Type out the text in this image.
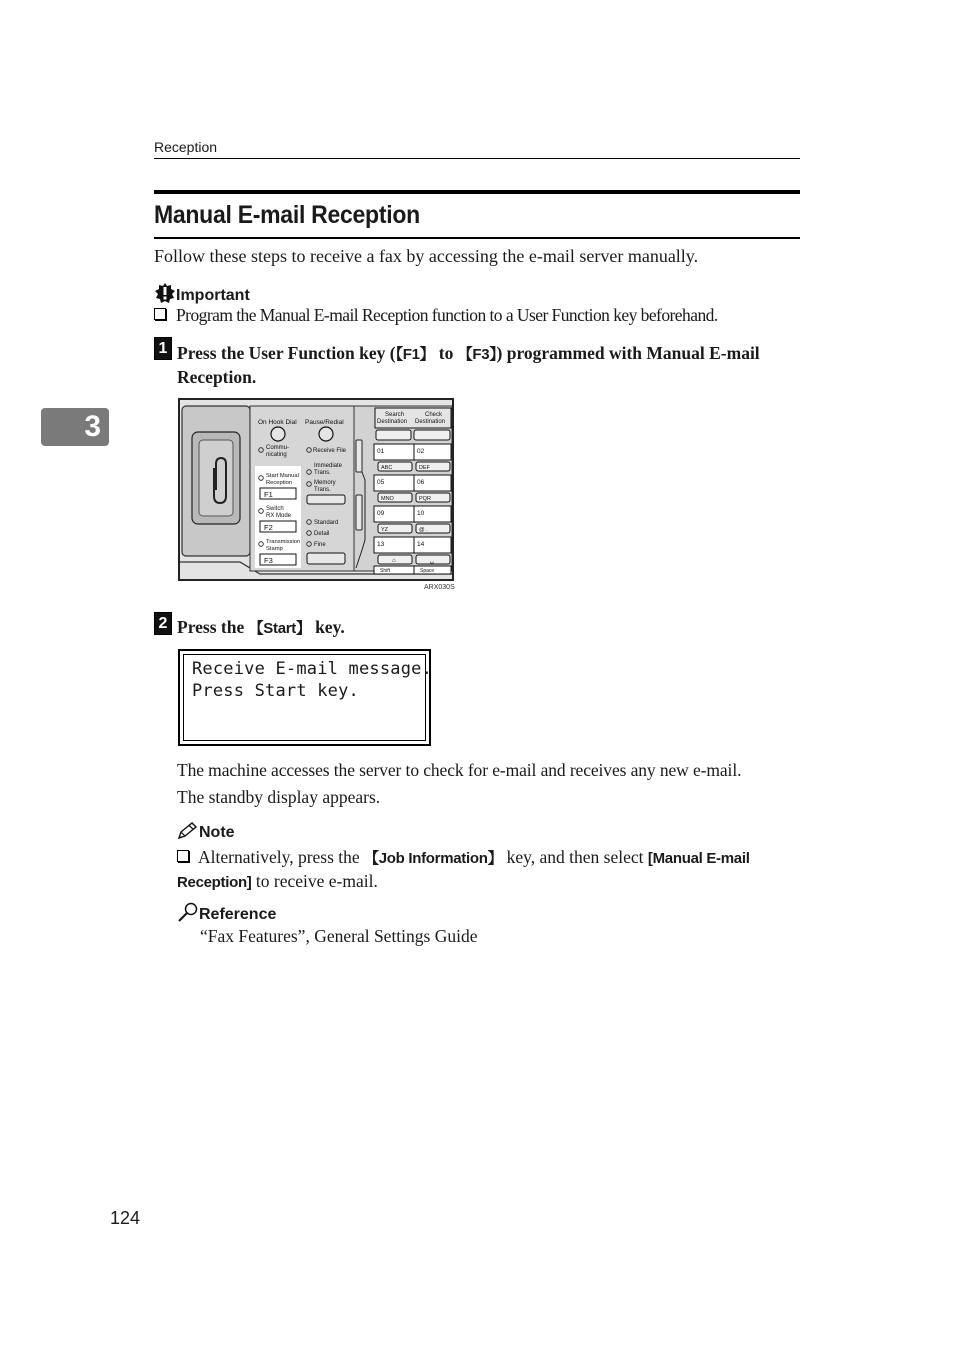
Reception
Manual E-mail Reception
Follow these steps to receive a fax by accessing the e-mail server manually.
Important
Program the Manual E-mail Reception function to a User Function key beforehand.
1 Press the User Function key (【F1】 to 【F3】) programmed with Manual E-mail Reception.
On Hook Dial Pause/Redial
Commu-
nicating
Receive File
Immediate
Trans.
Memory
Trans.
Start Manual
Reception
F1
Switch
RX Mode
F2
Transmission
Stamp
F3
Standard
Detail
Fine
Search
Destination
Check
Destination
01	02
ABC	DEF
05	06
MNO	PQR
09	10
YZ	@ .
13	14
⌂	␣
Shift	Space
ARX030S
2 Press the 【Start】 key.
Receive E-mail message.
Press Start key.
The machine accesses the server to check for e-mail and receives any new e-mail.
The standby display appears.
Note
Alternatively, press the 【Job Information】 key, and then select [Manual E-mail Reception] to receive e-mail.
Reference
“Fax Features”, General Settings Guide
3
124
